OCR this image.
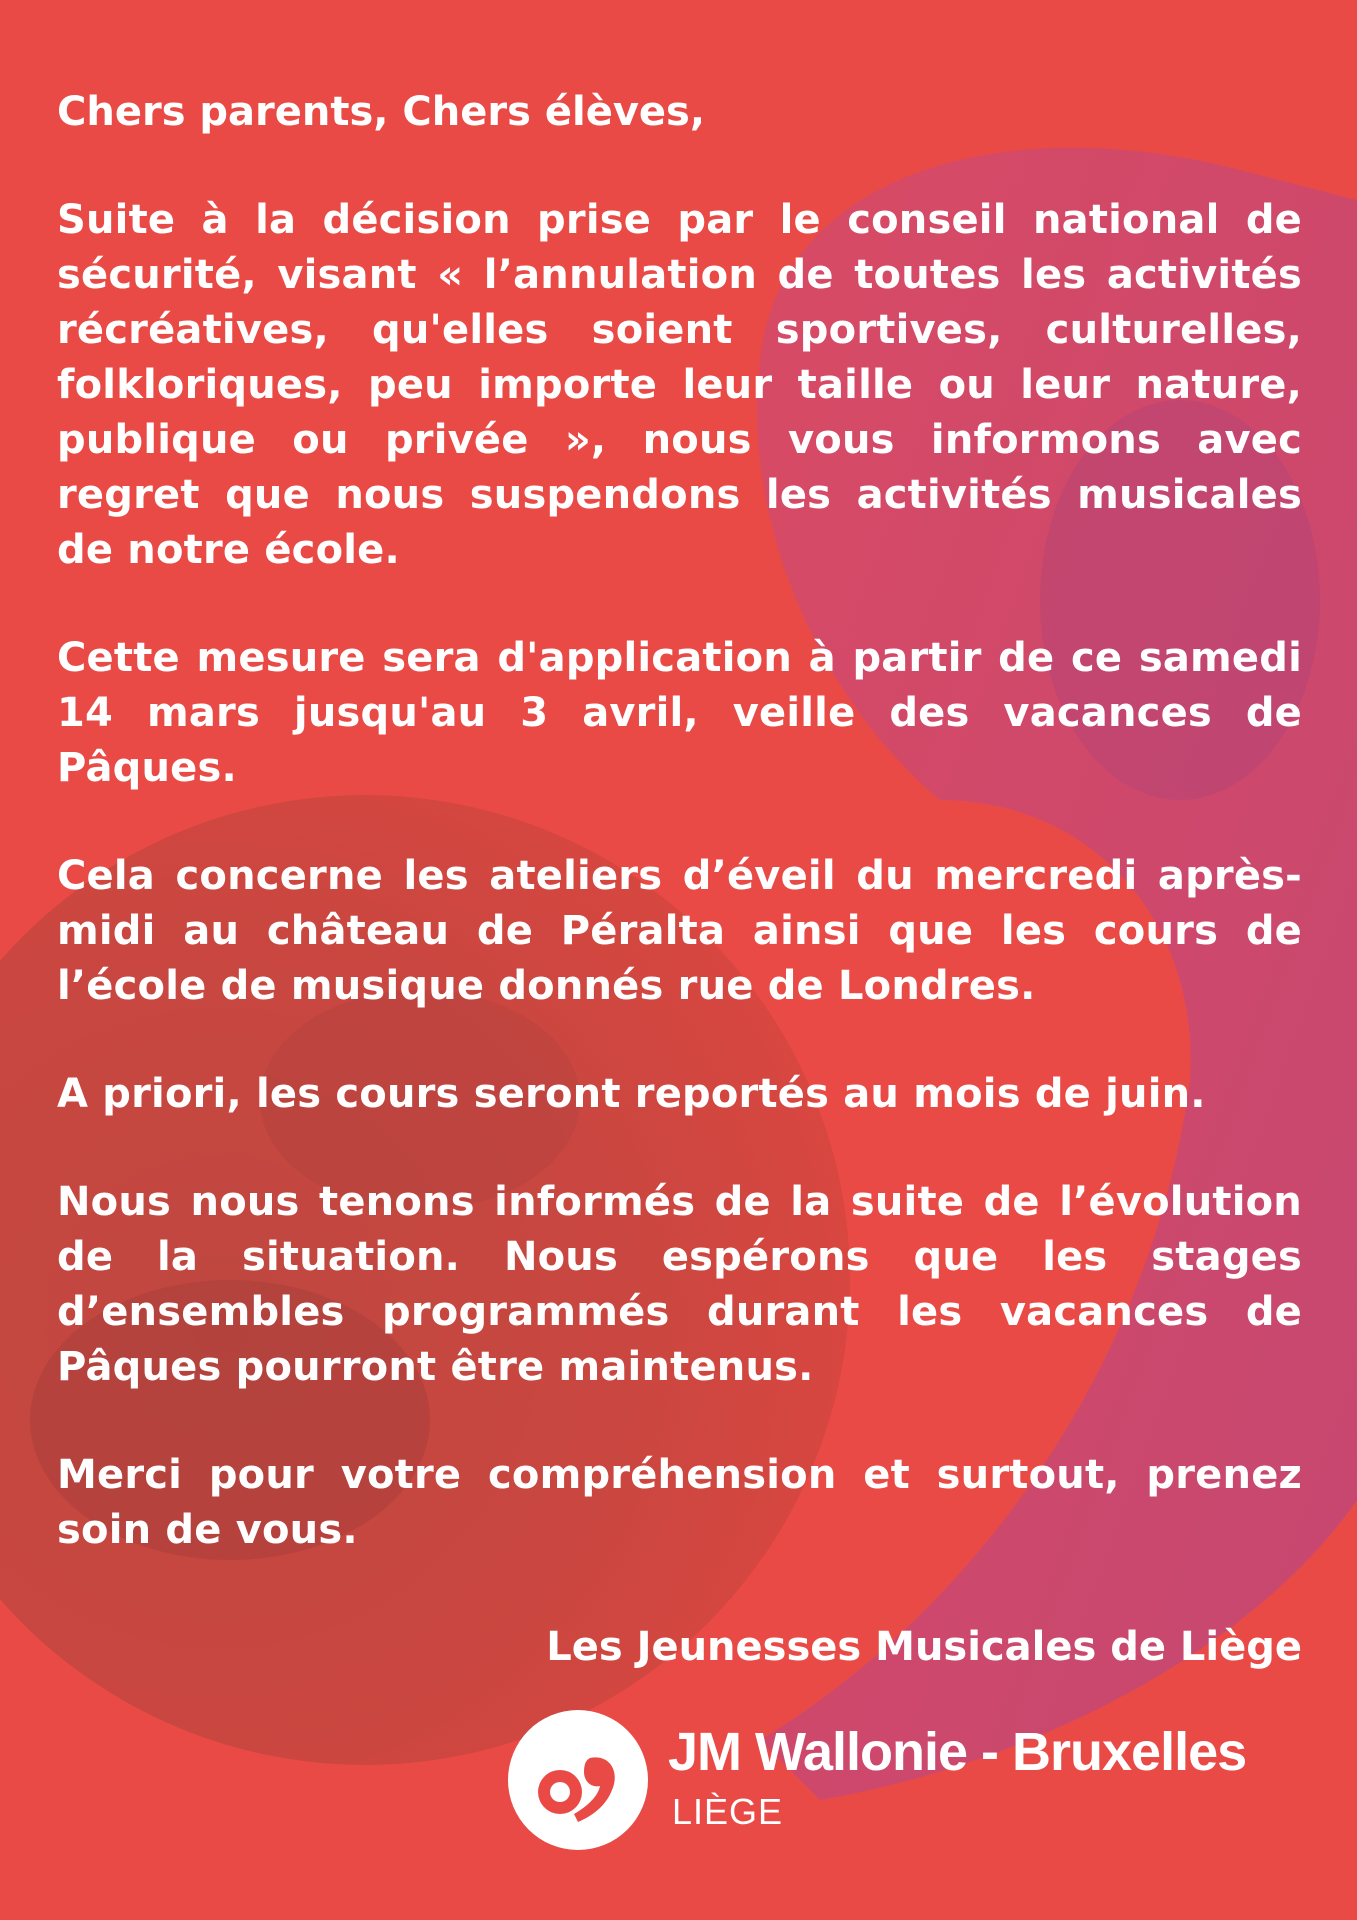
Chers parents, Chers élèves,

Suite à la décision prise par le conseil national de sécurité, visant « l’annulation de toutes les activités récréatives, qu'elles soient sportives, culturelles, folkloriques, peu importe leur taille ou leur nature, publique ou privée », nous vous informons avec regret que nous suspendons les activités musicales de notre école.

Cette mesure sera d'application à partir de ce samedi 14 mars jusqu'au 3 avril, veille des vacances de Pâques.

Cela concerne les ateliers d’éveil du mercredi après-midi au château de Péralta ainsi que les cours de l’école de musique donnés rue de Londres.

A priori, les cours seront reportés au mois de juin.

Nous nous tenons informés de la suite de l’évolution de la situation. Nous espérons que les stages d’ensembles programmés durant les vacances de Pâques pourront être maintenus.

Merci pour votre compréhension et surtout, prenez soin de vous.

Les Jeunesses Musicales de Liège
JM Wallonie - Bruxelles
LIÈGE
